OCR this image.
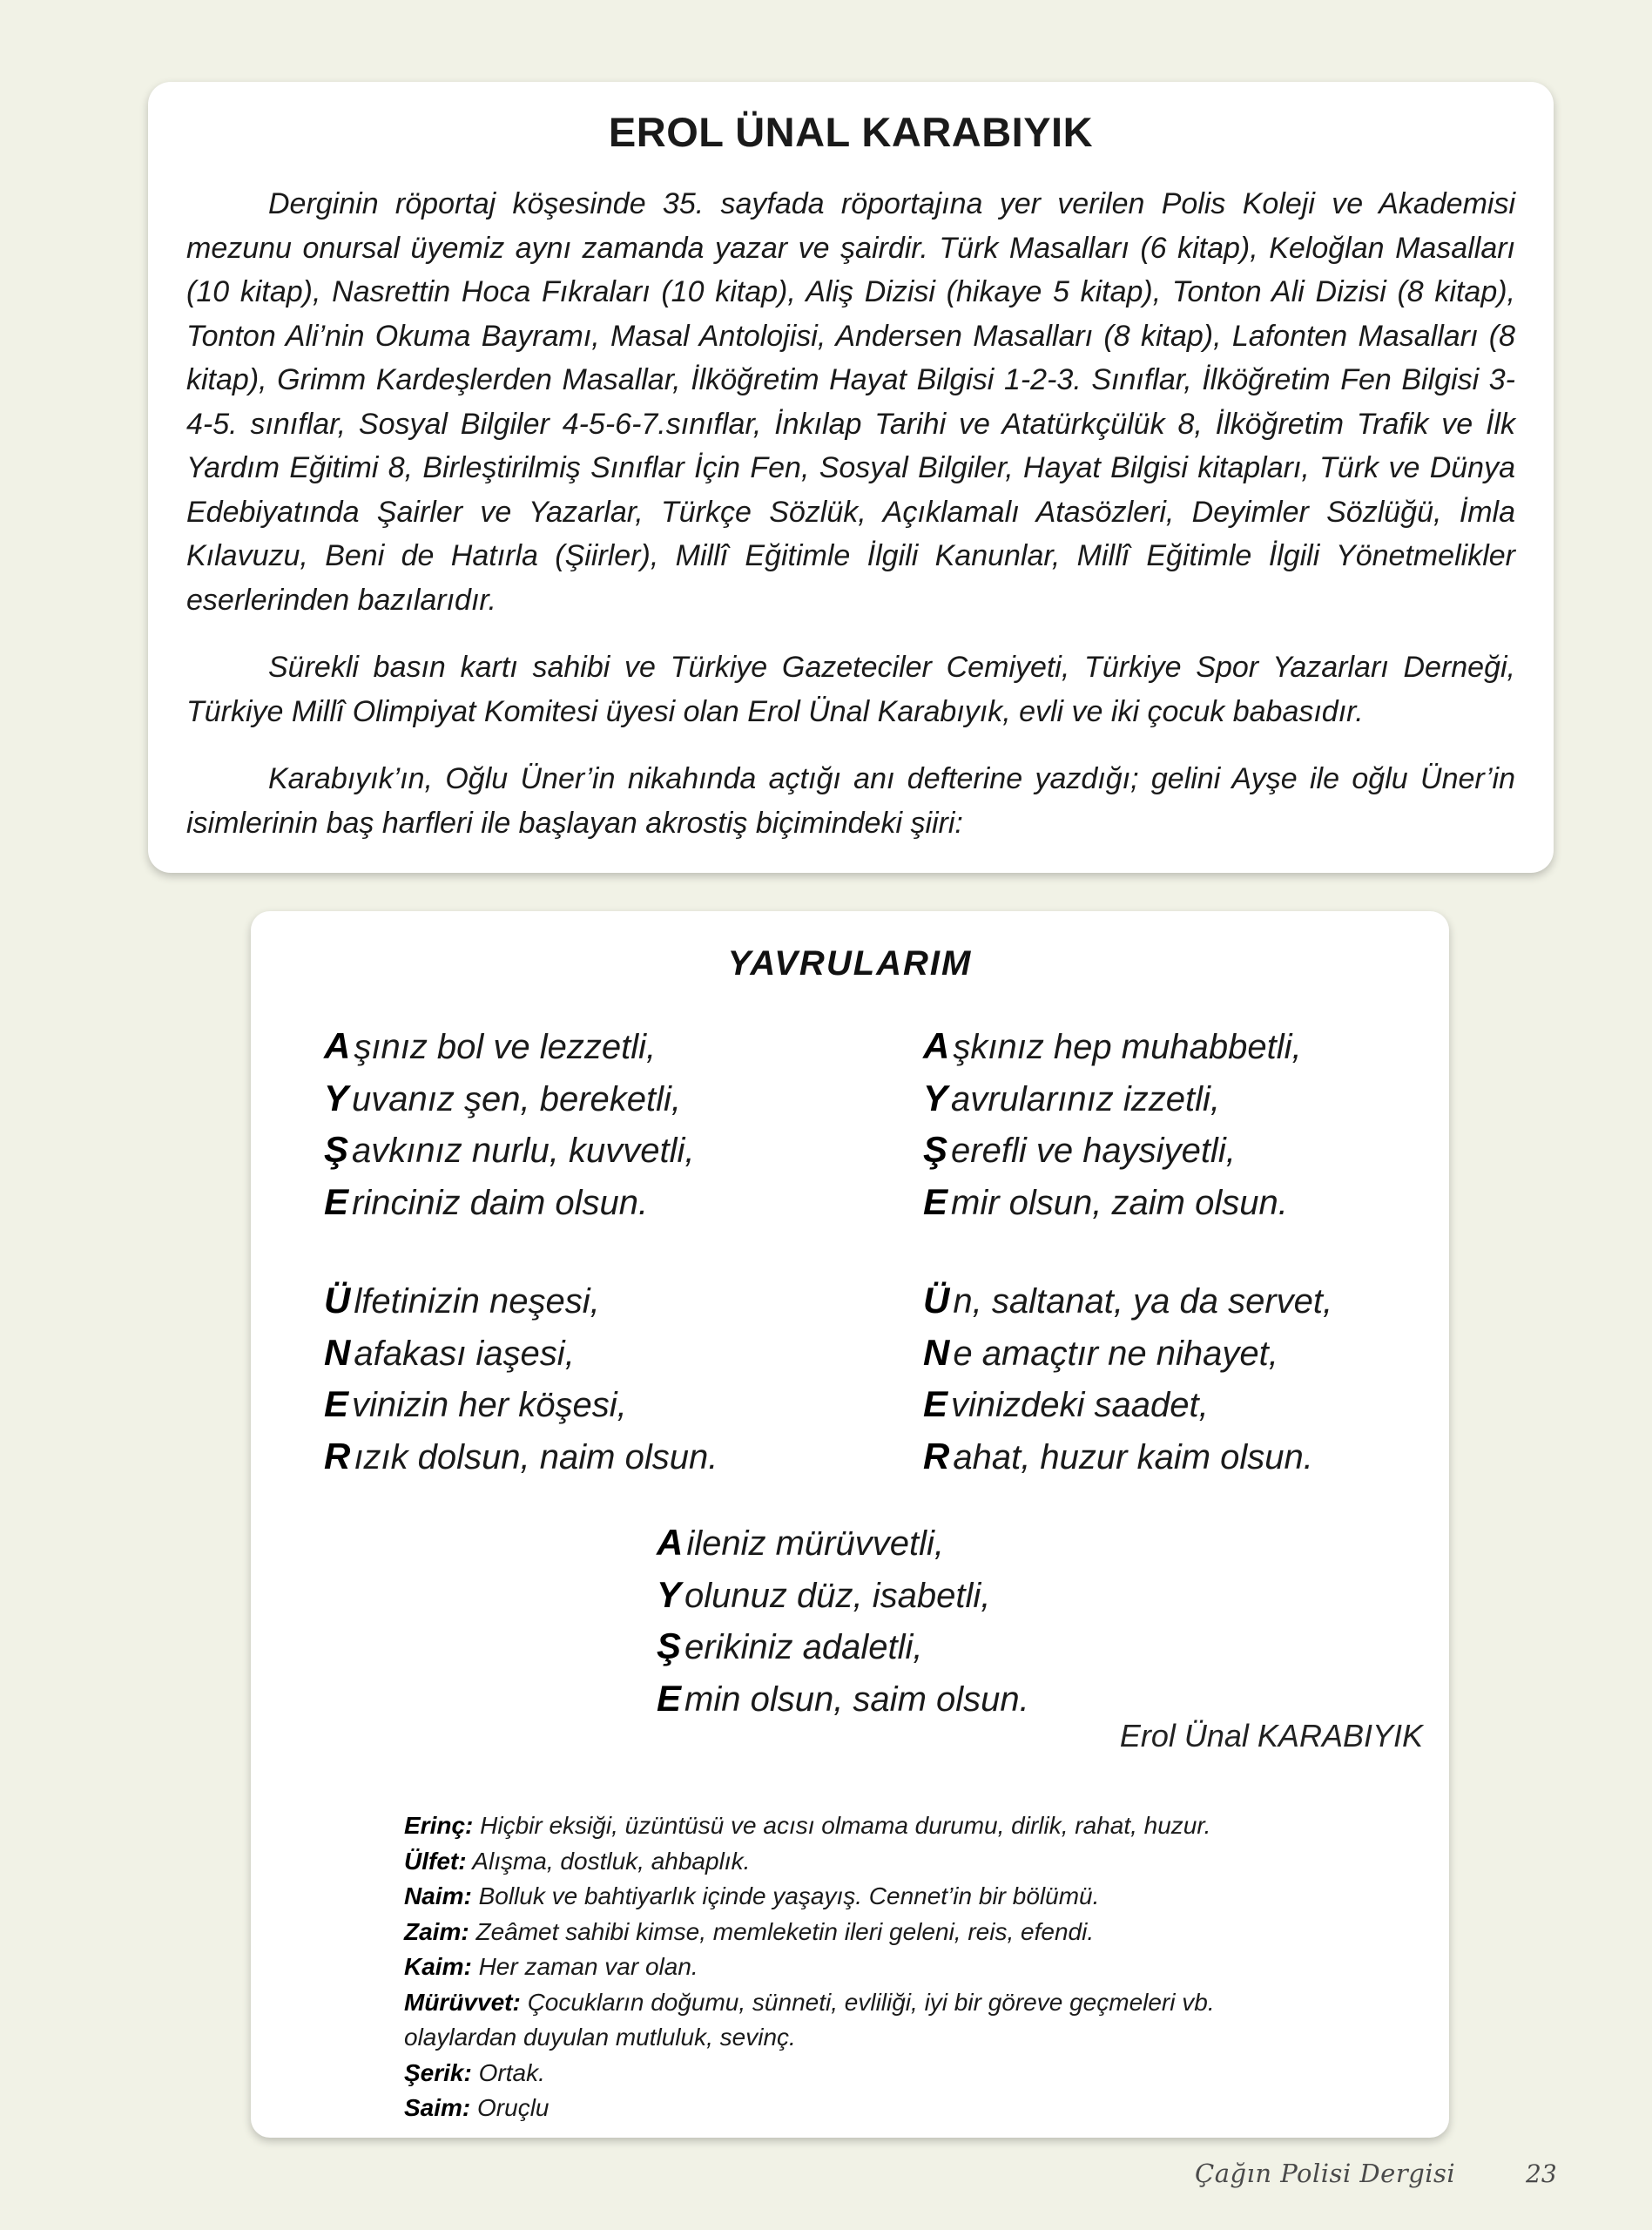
EROL ÜNAL KARABIYIK

Derginin röportaj köşesinde 35. sayfada röportajına yer verilen Polis Koleji ve Akademisi mezunu onursal üyemiz aynı zamanda yazar ve şairdir. Türk Masalları (6 kitap), Keloğlan Masalları (10 kitap), Nasrettin Hoca Fıkraları (10 kitap), Aliş Dizisi (hikaye 5 kitap), Tonton Ali Dizisi (8 kitap), Tonton Ali’nin Okuma Bayramı, Masal Antolojisi, Andersen Masalları (8 kitap), Lafonten Masalları (8 kitap), Grimm Kardeşlerden Masallar, İlköğretim Hayat Bilgisi 1-2-3. Sınıflar, İlköğretim Fen Bilgisi 3-4-5. sınıflar, Sosyal Bilgiler 4-5-6-7.sınıflar, İnkılap Tarihi ve Atatürkçülük 8, İlköğretim Trafik ve İlk Yardım Eğitimi 8, Birleştirilmiş Sınıflar İçin Fen, Sosyal Bilgiler, Hayat Bilgisi kitapları, Türk ve Dünya Edebiyatında Şairler ve Yazarlar, Türkçe Sözlük, Açıklamalı Atasözleri, Deyimler Sözlüğü, İmla Kılavuzu, Beni de Hatırla (Şiirler), Millî Eğitimle İlgili Kanunlar, Millî Eğitimle İlgili Yönetmelikler eserlerinden bazılarıdır.

Sürekli basın kartı sahibi ve Türkiye Gazeteciler Cemiyeti, Türkiye Spor Yazarları Derneği, Türkiye Millî Olimpiyat Komitesi üyesi olan Erol Ünal Karabıyık, evli ve iki çocuk babasıdır.

Karabıyık’ın, Oğlu Üner’in nikahında açtığı anı defterine yazdığı; gelini Ayşe ile oğlu Üner’in isimlerinin baş harfleri ile başlayan akrostiş biçimindeki şiiri:

YAVRULARIM
A şınız bol ve lezzetli,
Y uvanız şen, bereketli,
Ş avkınız nurlu, kuvvetli,
E rinciniz daim olsun.
A şkınız hep muhabbetli,
Y avrularınız izzetli,
Ş erefli ve haysiyetli,
E mir olsun, zaim olsun.
Ü lfetinizin neşesi,
N afakası iaşesi,
E vinizin her köşesi,
R ızık dolsun, naim olsun.
Ü n, saltanat, ya da servet,
N e amaçtır ne nihayet,
E vinizdeki saadet,
R ahat, huzur kaim olsun.
A ileniz mürüvvetli,
Y olunuz düz, isabetli,
Ş erikiniz adaletli,
E min olsun, saim olsun.
Erol Ünal KARABIYIK
Erinç: Hiçbir eksiği, üzüntüsü ve acısı olmama durumu, dirlik, rahat, huzur.
Ülfet: Alışma, dostluk, ahbaplık.
Naim: Bolluk ve bahtiyarlık içinde yaşayış. Cennet’in bir bölümü.
Zaim: Zeâmet sahibi kimse, memleketin ileri geleni, reis, efendi.
Kaim: Her zaman var olan.
Mürüvvet: Çocukların doğumu, sünneti, evliliği, iyi bir göreve geçmeleri vb.
olaylardan duyulan mutluluk, sevinç.
Şerik: Ortak.
Saim: Oruçlu
Çağın Polisi Dergisi	23
